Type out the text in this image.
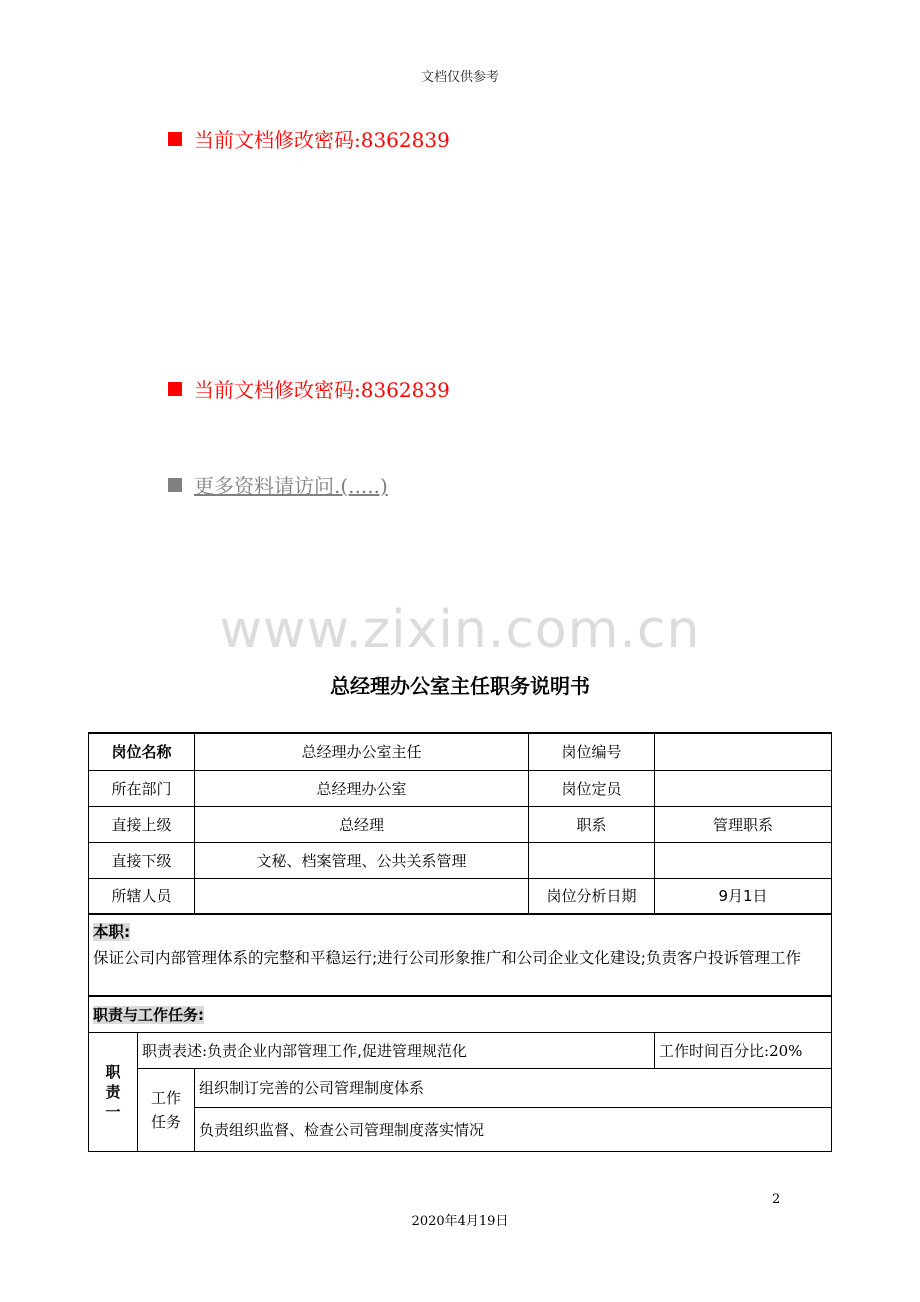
文档仅供参考
当前文档修改密码:8362839
当前文档修改密码:8362839
更多资料请访问.(.....)
www.zixin.com.cn
总经理办公室主任职务说明书
岗位名称		总经理办公室主任	岗位编号	
所在部门		总经理办公室	岗位定员	
直接上级		总经理	职系	管理职系
直接下级		文秘、档案管理、公共关系管理		
所辖人员			岗位分析日期	9月1日

本职:
保证公司内部管理体系的完整和平稳运行;进行公司形象推广和公司企业文化建设;负责客户投诉管理工作				

职责与工作任务:				

职
责
一	职责表述:负责企业内部管理工作,促进管理规范化			工作时间百分比:20%

	工作
任务	组织制订完善的公司管理制度体系		
		负责组织监督、检查公司管理制度落实情况		
2
2020年4月19日
